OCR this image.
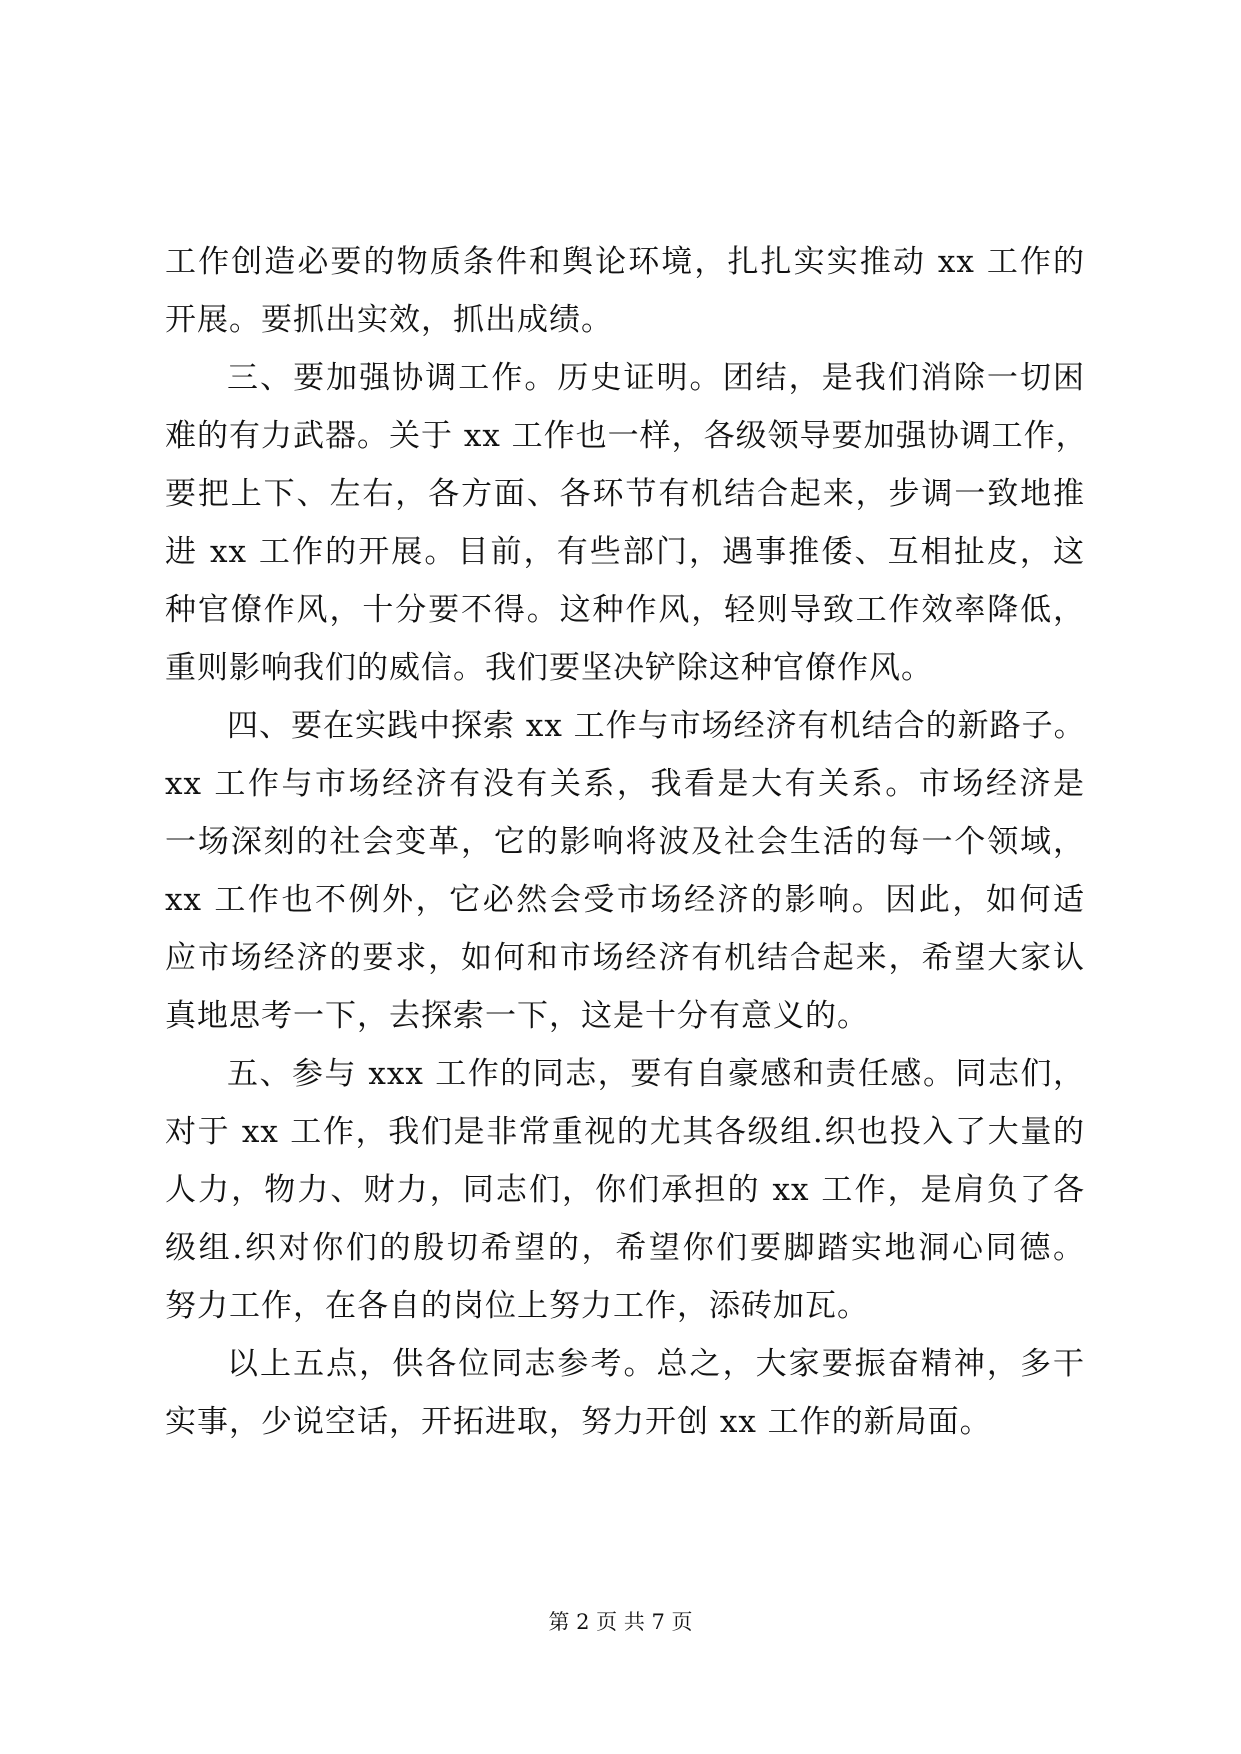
工作创造必要的物质条件和舆论环境，扎扎实实推动 xx 工作的
开展。要抓出实效，抓出成绩。
三、要加强协调工作。历史证明。团结，是我们消除一切困
难的有力武器。关于 xx 工作也一样，各级领导要加强协调工作，
要把上下、左右，各方面、各环节有机结合起来，步调一致地推
进 xx 工作的开展。目前，有些部门，遇事推倭、互相扯皮，这
种官僚作风，十分要不得。这种作风，轻则导致工作效率降低，
重则影响我们的威信。我们要坚决铲除这种官僚作风。
四、要在实践中探索 xx 工作与市场经济有机结合的新路子。
xx 工作与市场经济有没有关系，我看是大有关系。市场经济是
一场深刻的社会变革，它的影响将波及社会生活的每一个领域，
xx 工作也不例外，它必然会受市场经济的影响。因此，如何适
应市场经济的要求，如何和市场经济有机结合起来，希望大家认
真地思考一下，去探索一下，这是十分有意义的。
五、参与 xxx 工作的同志，要有自豪感和责任感。同志们，
对于 xx 工作，我们是非常重视的尤其各级组.织也投入了大量的
人力，物力、财力，同志们，你们承担的 xx 工作，是肩负了各
级组.织对你们的殷切希望的，希望你们要脚踏实地洞心同德。
努力工作，在各自的岗位上努力工作，添砖加瓦。
以上五点，供各位同志参考。总之，大家要振奋精神，多干
实事，少说空话，开拓进取，努力开创 xx 工作的新局面。
第 2 页 共 7 页
